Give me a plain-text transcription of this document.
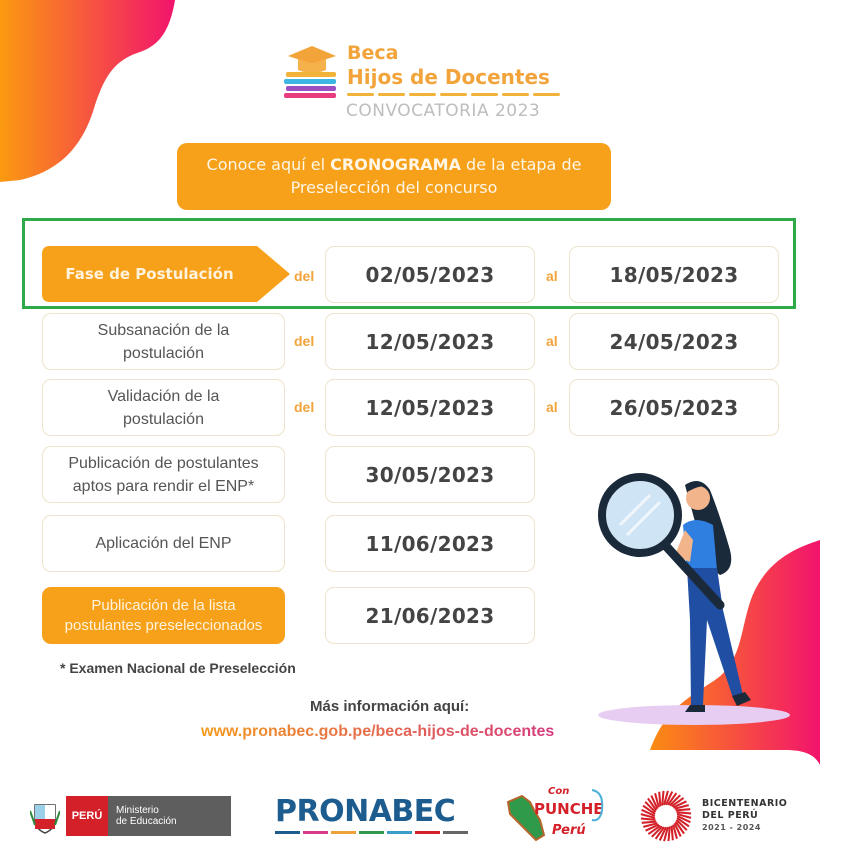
Beca
Hijos de Docentes
CONVOCATORIA 2023
Conoce aquí el CRONOGRAMA de la etapa de
Preselección del concurso
Fase de Postulación	del	02/05/2023	al	18/05/2023
Subsanación de la
postulación
del	12/05/2023	al	24/05/2023
Validación de la
postulación
del	12/05/2023	al	26/05/2023
Publicación de postulantes
aptos para rendir el ENP*	30/05/2023
Aplicación del ENP	11/06/2023
Publicación de la lista
postulantes preseleccionados	21/06/2023
* Examen Nacional de Preselección
Más información aquí:
www.pronabec.gob.pe/beca-hijos-de-docentes
PERÚ	Ministerio
de Educación	PRONABEC
Con
PUNCHE
Perú
BICENTENARIO
DEL PERÚ
2021 - 2024
